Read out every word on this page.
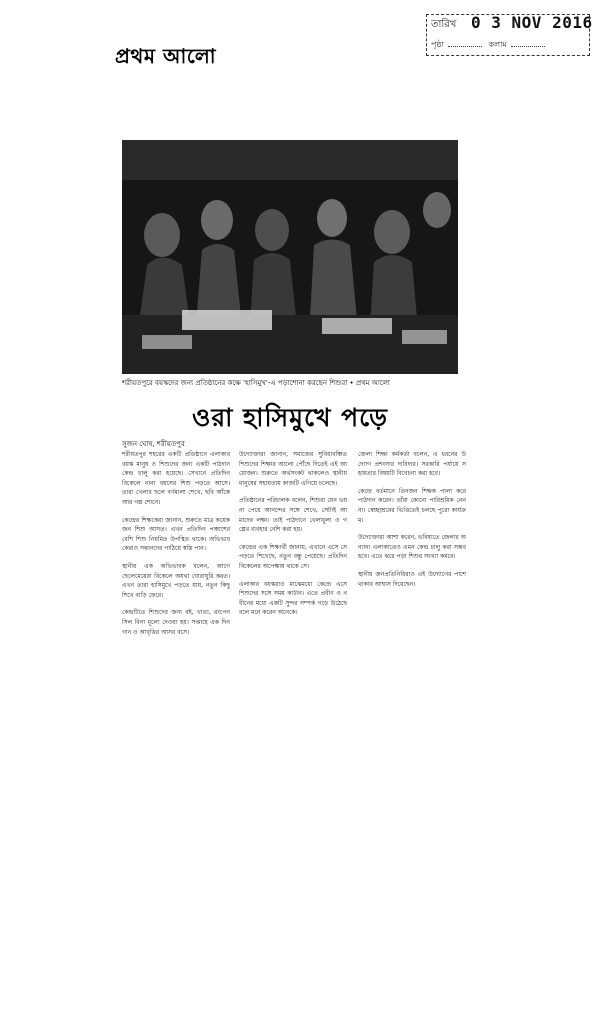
প্রথম আলো
তারিখ 0 3 NOV 2016
পৃষ্ঠা	কলাম
শরীয়তপুরে বয়স্কদের জন্য প্রতিষ্ঠানের কক্ষে 'হাসিমুখ'-এ পড়াশোনা করছেন শিশুরা • প্রথম আলো
ওরা হাসিমুখে পড়ে
সুজন ঘোষ, শরীয়তপুর

শরীয়তপুর শহরের একটি প্রতিষ্ঠানে এলাকার বয়স্ক মানুষ ও শিশুদের জন্য একটি পাঠদান কেন্দ্র চালু করা হয়েছে। সেখানে প্রতিদিন বিকেলে নানা বয়সের শিশু পড়তে আসে। তারা খেলার ছলে বর্ণমালা শেখে, ছবি আঁকে আর গল্প শোনে।

কেন্দ্রের শিক্ষকেরা জানান, শুরুতে মাত্র কয়েকজন শিশু আসত। এখন প্রতিদিন পঞ্চাশের বেশি শিশু নিয়মিত উপস্থিত থাকে। অভিভাবকেরাও সন্তানদের পাঠিয়ে স্বস্তি পান।

স্থানীয় এক অভিভাবক বলেন, আগে ছেলেমেয়েরা বিকেলে অযথা ঘোরাঘুরি করত। এখন তারা হাসিমুখে পড়তে যায়, নতুন কিছু শিখে বাড়ি ফেরে।

কেন্দ্রটিতে শিশুদের জন্য বই, খাতা, রংপেনসিল বিনা মূল্যে দেওয়া হয়। সপ্তাহে এক দিন গান ও আবৃত্তির আসর বসে।

উদ্যোক্তারা জানান, সমাজের সুবিধাবঞ্চিত শিশুদের শিক্ষার আলো পৌঁছে দিতেই এই আয়োজন। শুরুতে অর্থসংকট থাকলেও স্থানীয় মানুষের সহায়তায় কাজটি এগিয়ে চলেছে।

প্রতিষ্ঠানের পরিচালক বলেন, শিশুরা যেন ভয় না পেয়ে আনন্দের সঙ্গে শেখে, সেটাই আমাদের লক্ষ্য। তাই পাঠদানে খেলাধুলা ও গল্পের ব্যবহার বেশি করা হয়।

কেন্দ্রের এক শিক্ষার্থী জানায়, এখানে এসে সে পড়তে শিখেছে, নতুন বন্ধু পেয়েছে। প্রতিদিন বিকেলের অপেক্ষায় থাকে সে।

এলাকার বয়স্করাও মাঝেমধ্যে কেন্দ্রে এসে শিশুদের সঙ্গে সময় কাটান। এতে প্রবীণ ও নবীনের মধ্যে একটি সুন্দর সম্পর্ক গড়ে উঠেছে বলে মনে করেন অনেকে।

জেলা শিক্ষা কর্মকর্তা বলেন, এ ধরনের উদ্যোগ প্রশংসার দাবিদার। সরকারি পর্যায়ে সহায়তার বিষয়টি বিবেচনা করা হবে।

কেন্দ্রে বর্তমানে তিনজন শিক্ষক পালা করে পাঠদান করেন। তাঁরা কোনো পারিশ্রমিক নেন না। স্বেচ্ছাশ্রমের ভিত্তিতেই চলছে পুরো কার্যক্রম।

উদ্যোক্তারা আশা করেন, ভবিষ্যতে জেলার অন্যান্য এলাকাতেও এমন কেন্দ্র চালু করা সম্ভব হবে। এতে ঝরে পড়া শিশুর সংখ্যা কমবে।

স্থানীয় জনপ্রতিনিধিরাও এই উদ্যোগের পাশে থাকার আশ্বাস দিয়েছেন।
